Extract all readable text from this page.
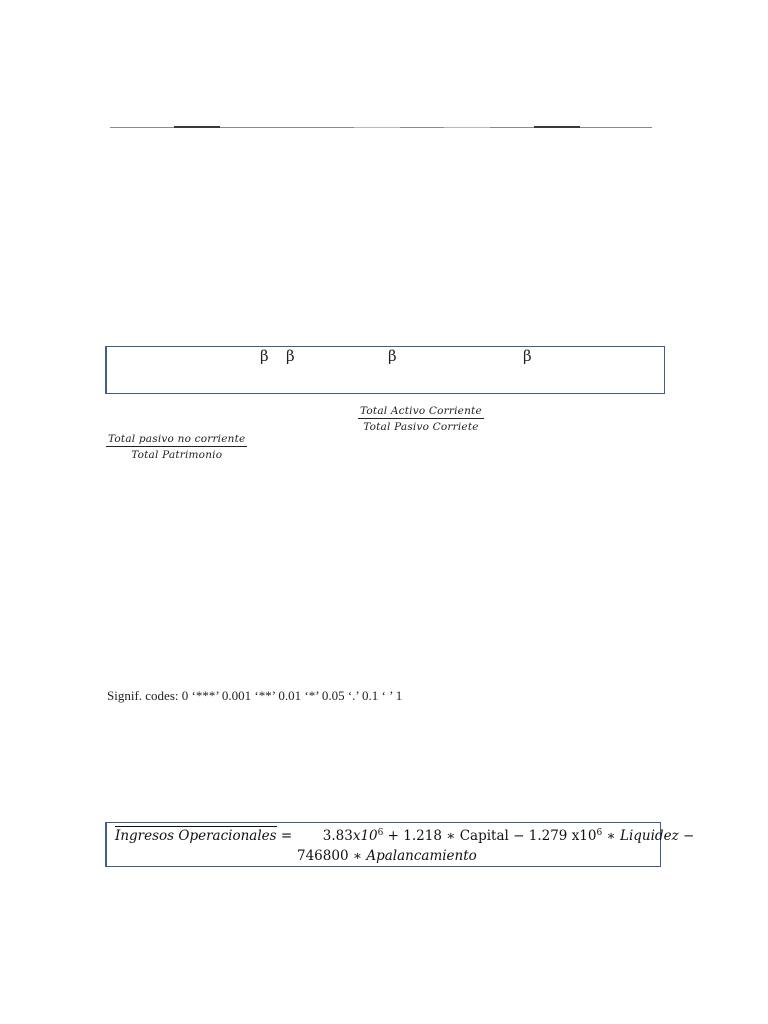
β β	β	β
Total Activo Corriente
Total Pasivo Corriete
Total pasivo no corriente
Total Patrimonio
Signif. codes: 0 ‘***’ 0.001 ‘**’ 0.01 ‘*’ 0.05 ‘.’ 0.1 ‘ ’ 1
Ingresos Operacionales = $3.83x10^6 + 1.218$ ∗ Capital − 1.279 $x10^6$ ∗ Liquidez −
746800 ∗ Apalancamiento
